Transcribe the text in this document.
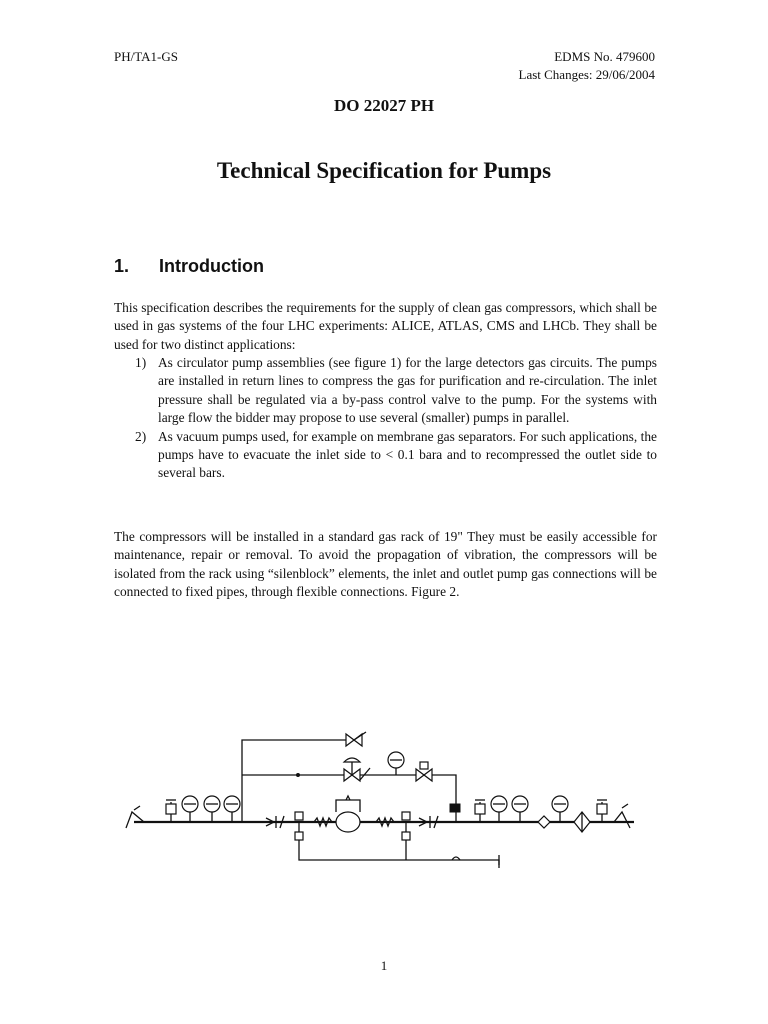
PH/TA1-GS	EDMS No. 479600
Last Changes: 29/06/2004
DO 22027 PH
Technical Specification for Pumps
1. Introduction
This specification describes the requirements for the supply of clean gas compressors, which shall be used in gas systems of the four LHC experiments: ALICE, ATLAS, CMS and LHCb. They shall be used for two distinct applications:
1) As circulator pump assemblies (see figure 1) for the large detectors gas circuits. The pumps are installed in return lines to compress the gas for purification and re-circulation. The inlet pressure shall be regulated via a by-pass control valve to the pump. For the systems with large flow the bidder may propose to use several (smaller) pumps in parallel.
2) As vacuum pumps used, for example on membrane gas separators. For such applications, the pumps have to evacuate the inlet side to < 0.1 bara and to recompressed the outlet side to several bars.
The compressors will be installed in a standard gas rack of 19" They must be easily accessible for maintenance, repair or removal. To avoid the propagation of vibration, the compressors will be isolated from the rack using “silenblock” elements, the inlet and outlet pump gas connections will be connected to fixed pipes, through flexible connections. Figure 2.
1
